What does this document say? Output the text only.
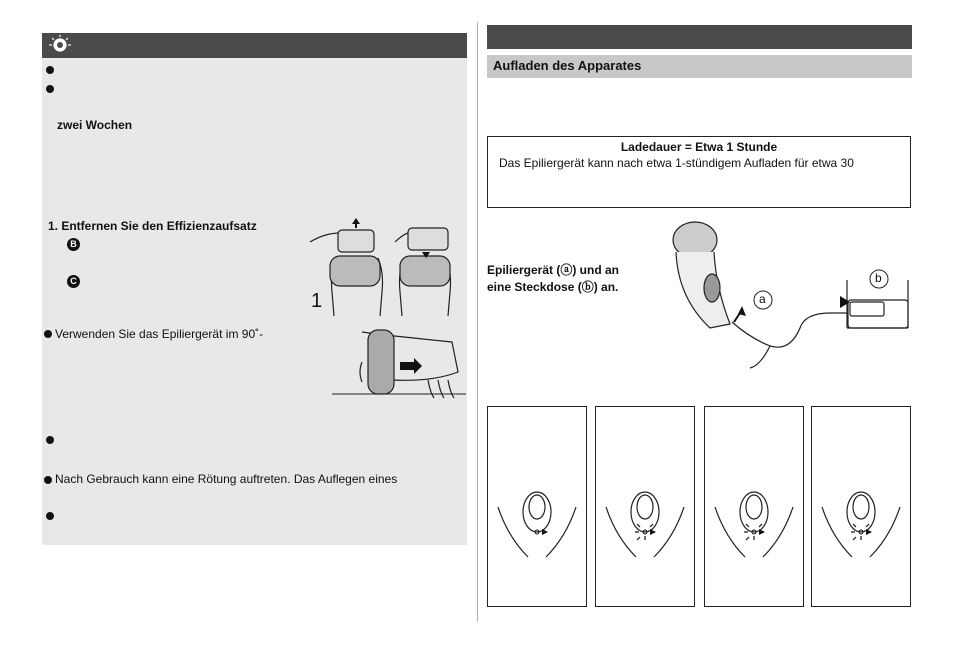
zwei Wochen
1. Entfernen Sie den Effizienzaufsatz
B
C
1
Verwenden Sie das Epiliergerät im 90˚-
Nach Gebrauch kann eine Rötung auftreten. Das Auflegen eines
Aufladen des Apparates
Ladedauer = Etwa 1 Stunde
Das Epiliergerät kann nach etwa 1-stündigem Aufladen für etwa 30
Epiliergerät (ⓐ) und an
eine Steckdose (ⓑ) an.
a
b
